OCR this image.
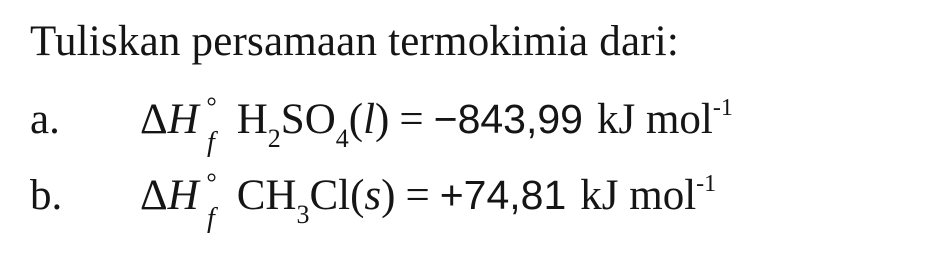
Tuliskan persamaan termokimia dari:
a. ΔH °
f $H_2SO_4(l) = -843,99$ kJ mol -1
b. ΔH °
f $CH_3Cl(s) = +74,81$ kJ mol -1
